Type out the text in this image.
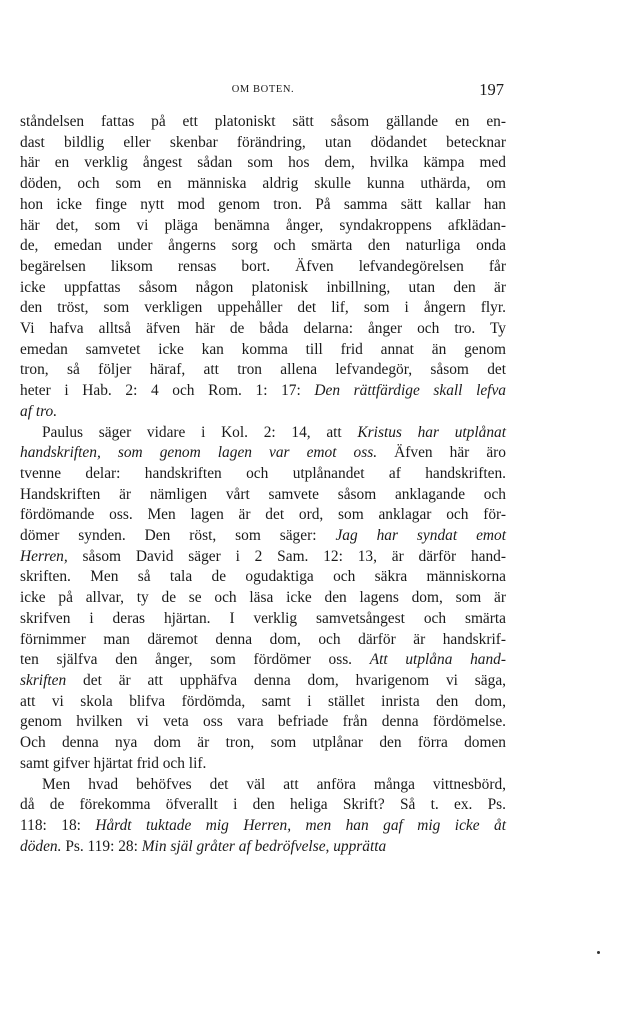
OM BOTEN.	197

ståndelsen fattas på ett platoniskt sätt såsom gällande en en-
dast bildlig eller skenbar förändring, utan dödandet betecknar
här en verklig ångest sådan som hos dem, hvilka kämpa med
döden, och som en människa aldrig skulle kunna uthärda, om
hon icke finge nytt mod genom tron. På samma sätt kallar han
här det, som vi pläga benämna ånger, syndakroppens afklädan-
de, emedan under ångerns sorg och smärta den naturliga onda
begärelsen liksom rensas bort. Äfven lefvandegörelsen får
icke uppfattas såsom någon platonisk inbillning, utan den är
den tröst, som verkligen uppehåller det lif, som i ångern flyr.
Vi hafva alltså äfven här de båda delarna: ånger och tro. Ty
emedan samvetet icke kan komma till frid annat än genom
tron, så följer häraf, att tron allena lefvandegör, såsom det
heter i Hab. 2: 4 och Rom. 1: 17: Den rättfärdige skall lefva
af tro.

Paulus säger vidare i Kol. 2: 14, att Kristus har utplånat
handskriften, som genom lagen var emot oss. Äfven här äro
tvenne delar: handskriften och utplånandet af handskriften.
Handskriften är nämligen vårt samvete såsom anklagande och
fördömande oss. Men lagen är det ord, som anklagar och för-
dömer synden. Den röst, som säger: Jag har syndat emot
Herren, såsom David säger i 2 Sam. 12: 13, är därför hand-
skriften. Men så tala de ogudaktiga och säkra människorna
icke på allvar, ty de se och läsa icke den lagens dom, som är
skrifven i deras hjärtan. I verklig samvetsångest och smärta
förnimmer man däremot denna dom, och därför är handskrif-
ten själfva den ånger, som fördömer oss. Att utplåna hand-
skriften det är att upphäfva denna dom, hvarigenom vi säga,
att vi skola blifva fördömda, samt i stället inrista den dom,
genom hvilken vi veta oss vara befriade från denna fördömelse.
Och denna nya dom är tron, som utplånar den förra domen
samt gifver hjärtat frid och lif.

Men hvad behöfves det väl att anföra många vittnesbörd,
då de förekomma öfverallt i den heliga Skrift? Så t. ex. Ps.
118: 18: Hårdt tuktade mig Herren, men han gaf mig icke åt
döden. Ps. 119: 28: Min själ gråter af bedröfvelse, upprätta
